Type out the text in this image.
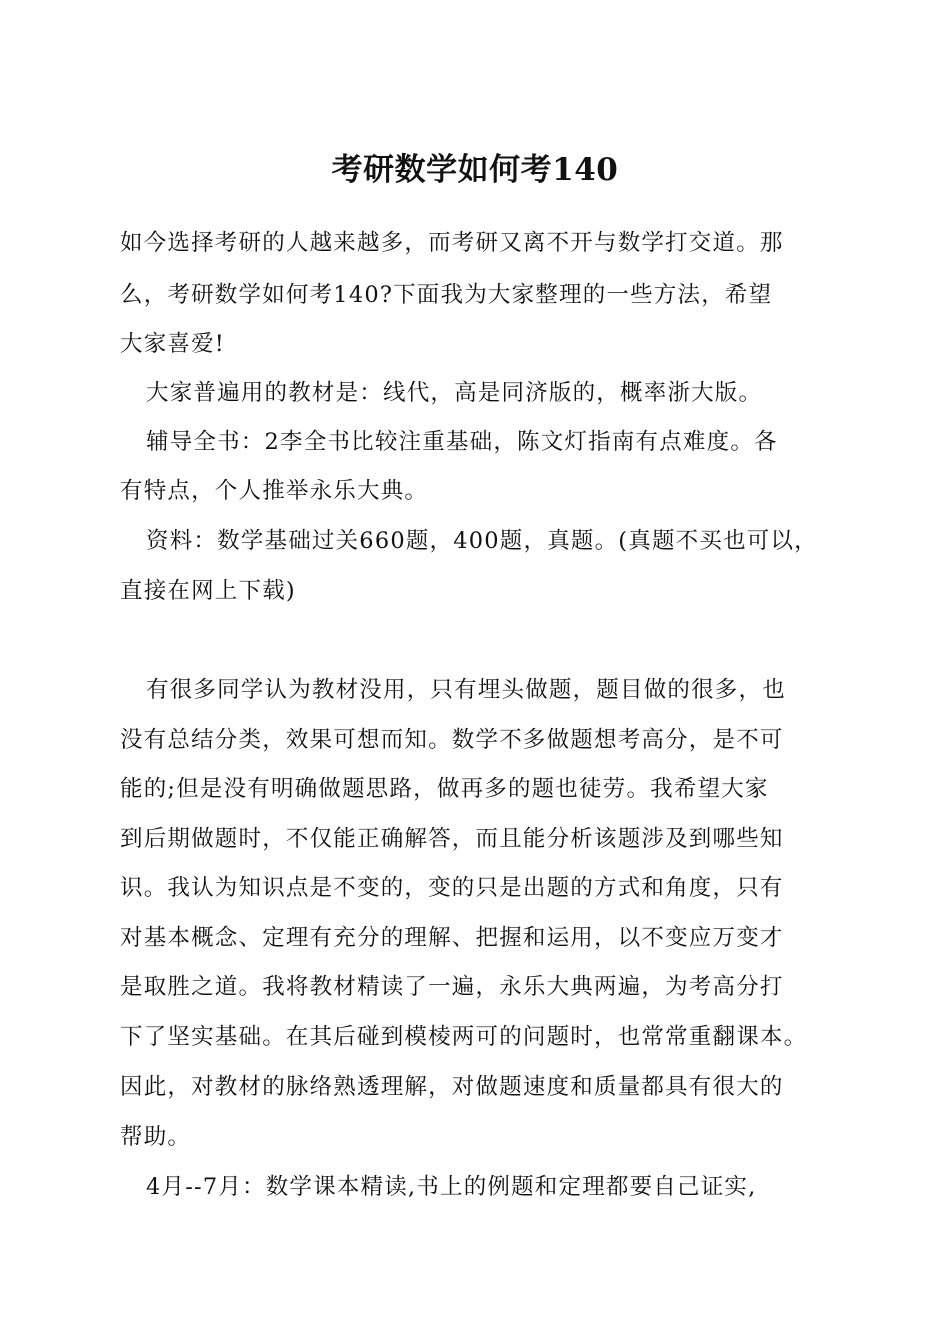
考研数学如何考140
如今选择考研的人越来越多，而考研又离不开与数学打交道。那
么，考研数学如何考140?下面我为大家整理的一些方法，希望
大家喜爱!
大家普遍用的教材是：线代，高是同济版的，概率浙大版。
辅导全书：2李全书比较注重基础，陈文灯指南有点难度。各
有特点，个人推举永乐大典。
资料：数学基础过关660题，400题，真题。(真题不买也可以，
直接在网上下载)
有很多同学认为教材没用，只有埋头做题，题目做的很多，也
没有总结分类，效果可想而知。数学不多做题想考高分，是不可
能的;但是没有明确做题思路，做再多的题也徒劳。我希望大家
到后期做题时，不仅能正确解答，而且能分析该题涉及到哪些知
识。我认为知识点是不变的，变的只是出题的方式和角度，只有
对基本概念、定理有充分的理解、把握和运用，以不变应万变才
是取胜之道。我将教材精读了一遍，永乐大典两遍，为考高分打
下了坚实基础。在其后碰到模棱两可的问题时，也常常重翻课本。
因此，对教材的脉络熟透理解，对做题速度和质量都具有很大的
帮助。
4月--7月：数学课本精读,书上的例题和定理都要自己证实,
